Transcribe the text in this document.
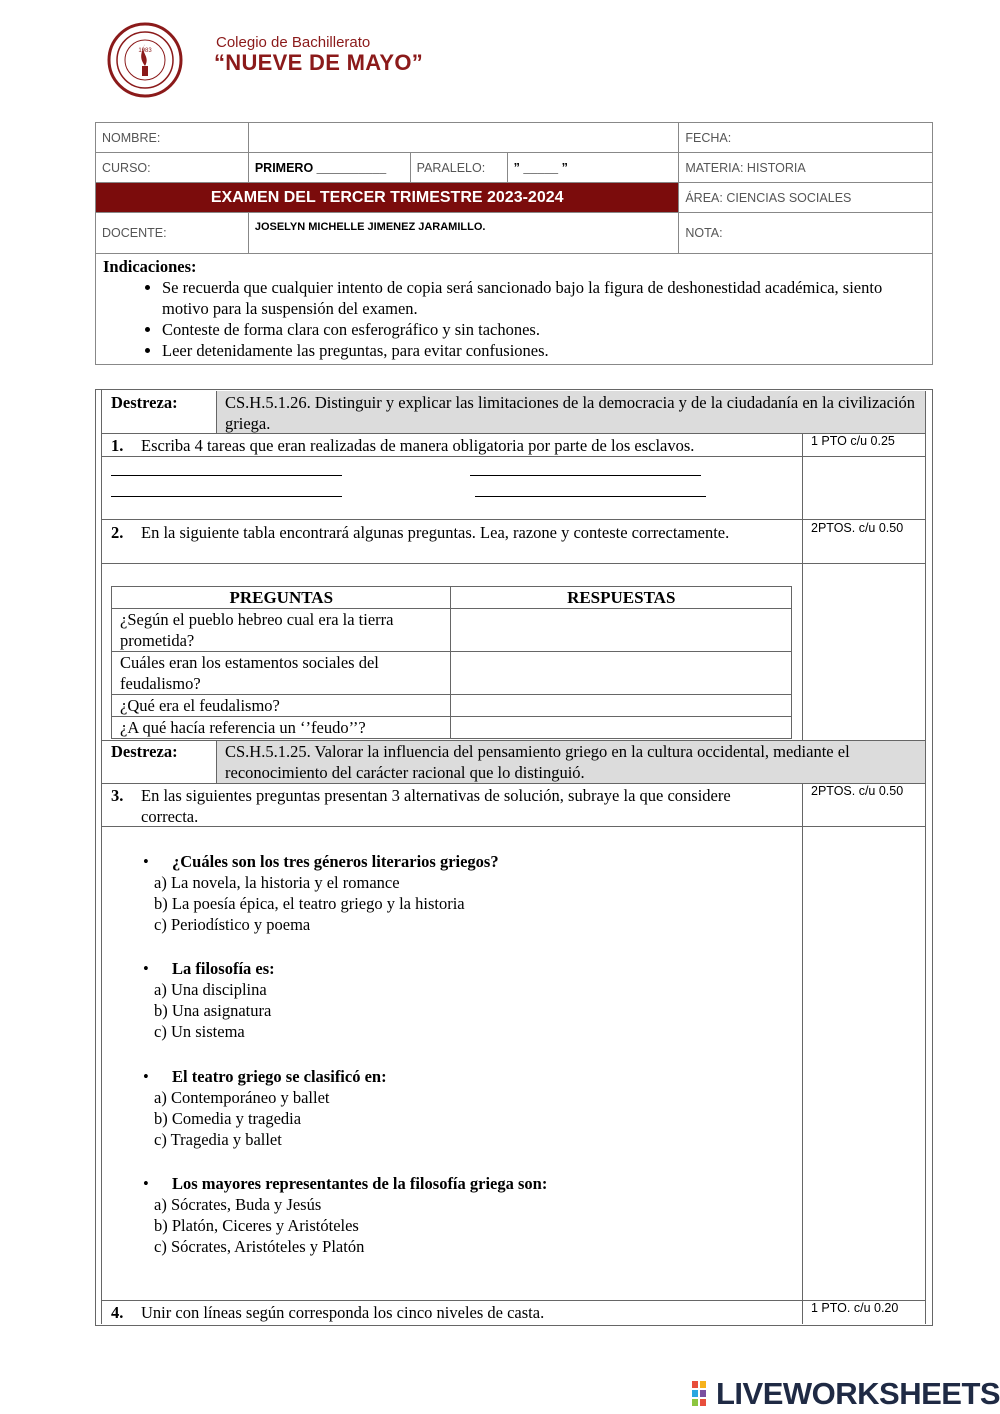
1983	Colegio de Bachillerato
“NUEVE DE MAYO”
NOMBRE:				FECHA:
CURSO:	PRIMERO __________	PARALELO:	” _____ ”	MATERIA: HISTORIA
EXAMEN DEL TERCER TRIMESTRE 2023-2024				ÁREA: CIENCIAS SOCIALES
DOCENTE:	JOSELYN MICHELLE JIMENEZ JARAMILLO.			NOTA:
Indicaciones:
• Se recuerda que cualquier intento de copia será sancionado bajo la figura de deshonestidad académica, siento motivo para la suspensión del examen.
• Conteste de forma clara con esferográfico y sin tachones.
• Leer detenidamente las preguntas, para evitar confusiones.
Destreza:	CS.H.5.1.26. Distinguir y explicar las limitaciones de la democracia y de la ciudadanía en la civilización griega.
1. Escriba 4 tareas que eran realizadas de manera obligatoria por parte de los esclavos.	1 PTO c/u 0.25
2. En la siguiente tabla encontrará algunas preguntas. Lea, razone y conteste correctamente.	2PTOS. c/u 0.50
PREGUNTAS	RESPUESTAS
¿Según el pueblo hebreo cual era la tierra prometida?	
Cuáles eran los estamentos sociales del feudalismo?	
¿Qué era el feudalismo?	
¿A qué hacía referencia un ‘’feudo’’?	
Destreza:	CS.H.5.1.25. Valorar la influencia del pensamiento griego en la cultura occidental, mediante el reconocimiento del carácter racional que lo distinguió.
3. En las siguientes preguntas presentan 3 alternativas de solución, subraye la que considere correcta.
2PTOS. c/u 0.50
• ¿Cuáles son los tres géneros literarios griegos?
a) La novela, la historia y el romance
b) La poesía épica, el teatro griego y la historia
c) Periodístico y poema
• La filosofía es:
a) Una disciplina
b) Una asignatura
c) Un sistema
• El teatro griego se clasificó en:
a) Contemporáneo y ballet
b) Comedia y tragedia
c) Tragedia y ballet
• Los mayores representantes de la filosofía griega son:
a) Sócrates, Buda y Jesús
b) Platón, Ciceres y Aristóteles
c) Sócrates, Aristóteles y Platón
4. Unir con líneas según corresponda los cinco niveles de casta.	1 PTO. c/u 0.20
LIVEWORKSHEETS
